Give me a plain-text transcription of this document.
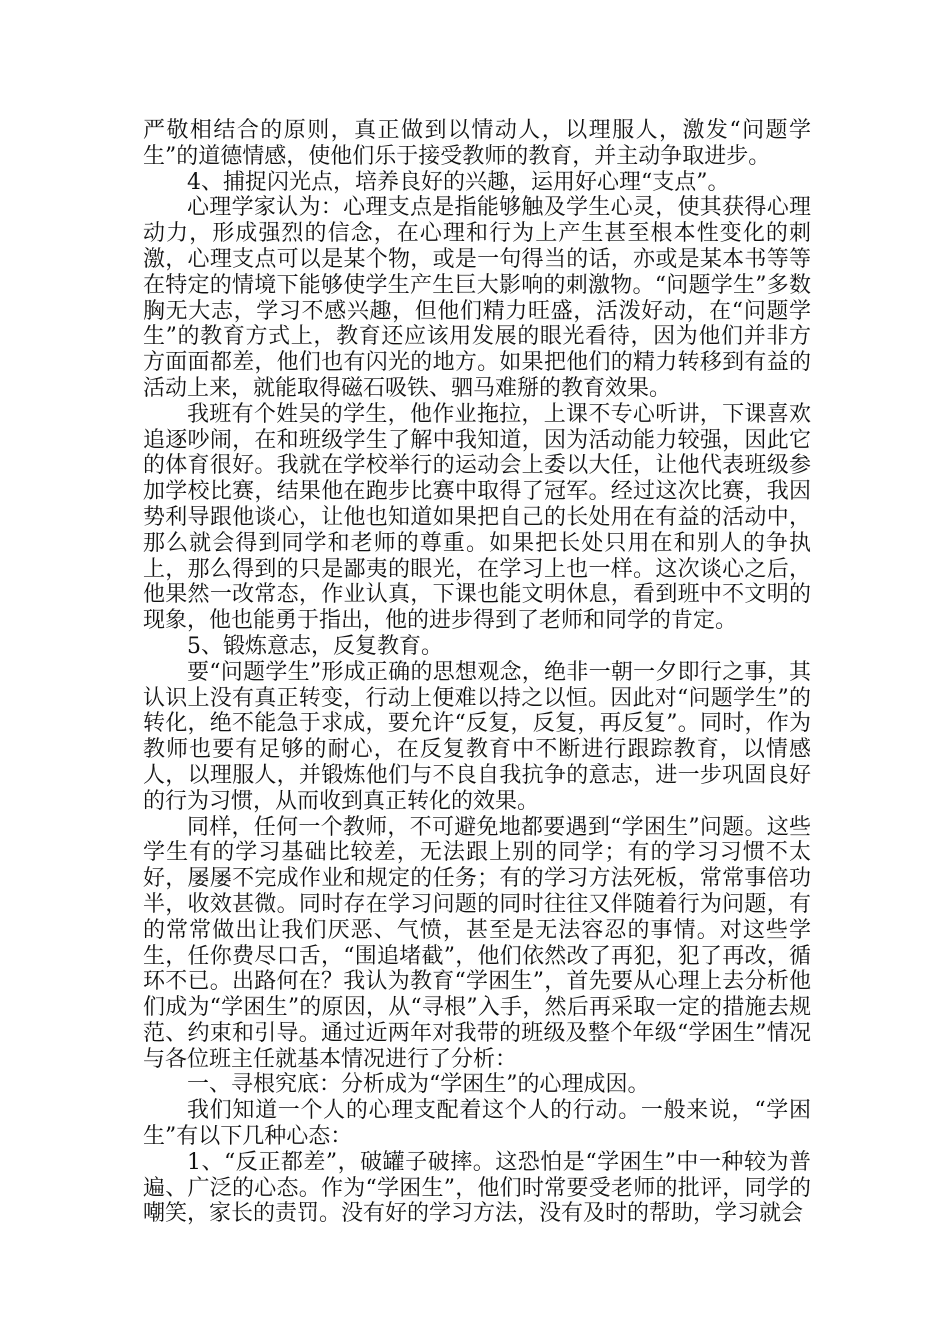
严敬相结合的原则，真正做到以情动人，以理服人，激发“问题学生”的道德情感，使他们乐于接受教师的教育，并主动争取进步。

4、捕捉闪光点，培养良好的兴趣，运用好心理“支点”。

心理学家认为：心理支点是指能够触及学生心灵，使其获得心理动力，形成强烈的信念，在心理和行为上产生甚至根本性变化的刺激，心理支点可以是某个物，或是一句得当的话，亦或是某本书等等在特定的情境下能够使学生产生巨大影响的刺激物。“问题学生”多数胸无大志，学习不感兴趣，但他们精力旺盛，活泼好动，在“问题学生”的教育方式上，教育还应该用发展的眼光看待，因为他们并非方方面面都差，他们也有闪光的地方。如果把他们的精力转移到有益的活动上来，就能取得磁石吸铁、驷马难掰的教育效果。

我班有个姓吴的学生，他作业拖拉，上课不专心听讲，下课喜欢追逐吵闹，在和班级学生了解中我知道，因为活动能力较强，因此它的体育很好。我就在学校举行的运动会上委以大任，让他代表班级参加学校比赛，结果他在跑步比赛中取得了冠军。经过这次比赛，我因势利导跟他谈心，让他也知道如果把自己的长处用在有益的活动中，那么就会得到同学和老师的尊重。如果把长处只用在和别人的争执上，那么得到的只是鄙夷的眼光，在学习上也一样。这次谈心之后，他果然一改常态，作业认真，下课也能文明休息，看到班中不文明的现象，他也能勇于指出，他的进步得到了老师和同学的肯定。

5、锻炼意志，反复教育。

要“问题学生”形成正确的思想观念，绝非一朝一夕即行之事，其认识上没有真正转变，行动上便难以持之以恒。因此对“问题学生”的转化，绝不能急于求成，要允许“反复，反复，再反复”。同时，作为教师也要有足够的耐心，在反复教育中不断进行跟踪教育，以情感人，以理服人，并锻炼他们与不良自我抗争的意志，进一步巩固良好的行为习惯，从而收到真正转化的效果。

同样，任何一个教师，不可避免地都要遇到“学困生”问题。这些学生有的学习基础比较差，无法跟上别的同学；有的学习习惯不太好，屡屡不完成作业和规定的任务；有的学习方法死板，常常事倍功半，收效甚微。同时存在学习问题的同时往往又伴随着行为问题，有的常常做出让我们厌恶、气愤，甚至是无法容忍的事情。对这些学生，任你费尽口舌，“围追堵截”，他们依然改了再犯，犯了再改，循环不已。出路何在？我认为教育“学困生”，首先要从心理上去分析他们成为“学困生”的原因，从“寻根”入手，然后再采取一定的措施去规范、约束和引导。通过近两年对我带的班级及整个年级“学困生”情况与各位班主任就基本情况进行了分析：

一、寻根究底：分析成为“学困生”的心理成因。

我们知道一个人的心理支配着这个人的行动。一般来说，“学困生”有以下几种心态：

1、“反正都差”，破罐子破摔。这恐怕是“学困生”中一种较为普遍、广泛的心态。作为“学困生”，他们时常要受老师的批评，同学的嘲笑，家长的责罚。没有好的学习方法，没有及时的帮助，学习就会
